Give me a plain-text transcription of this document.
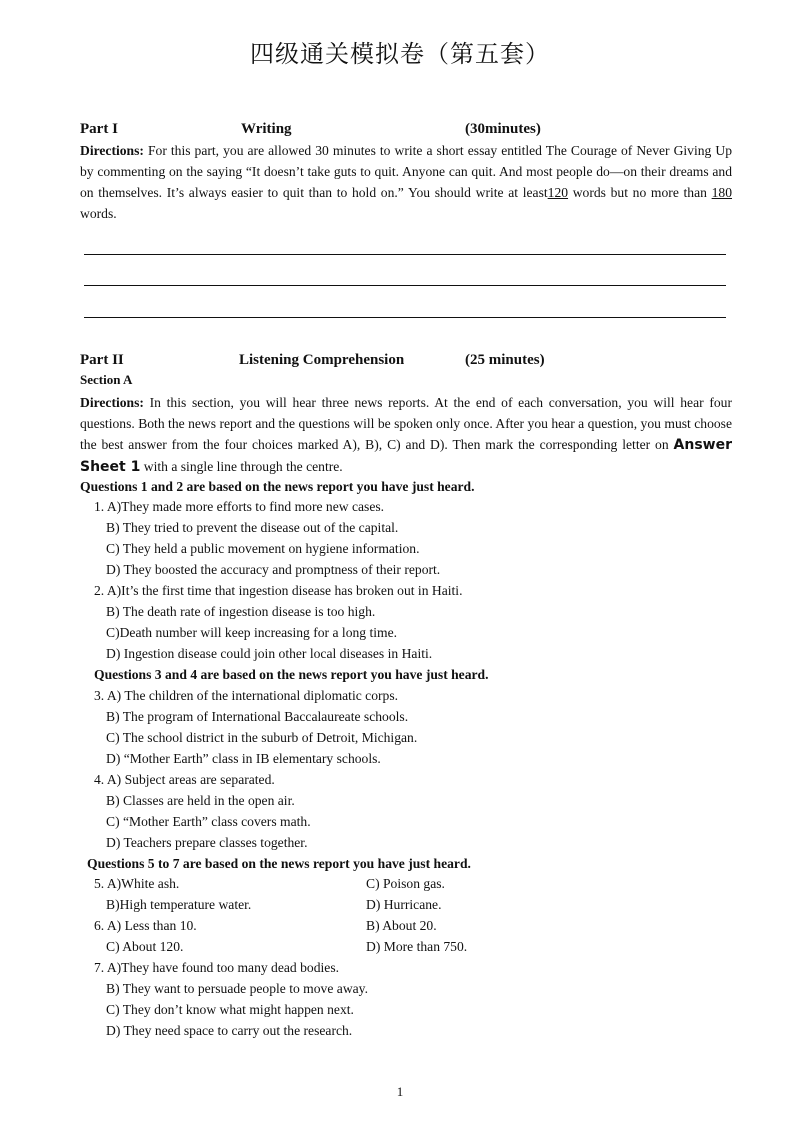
四级通关模拟卷（第五套）
Part I	Writing	(30minutes)
Directions: For this part, you are allowed 30 minutes to write a short essay entitled The Courage of Never Giving Up by commenting on the saying “It doesn’t take guts to quit. Anyone can quit. And most people do—on their dreams and on themselves. It’s always easier to quit than to hold on.” You should write at least120 words but no more than 180 words.
Part II	Listening Comprehension	(25 minutes)
Section A
Directions: In this section, you will hear three news reports. At the end of each conversation, you will hear four questions. Both the news report and the questions will be spoken only once. After you hear a question, you must choose the best answer from the four choices marked A), B), C) and D). Then mark the corresponding letter on Answer Sheet 1 with a single line through the centre.
Questions 1 and 2 are based on the news report you have just heard.
1. A)They made more efforts to find more new cases.
B) They tried to prevent the disease out of the capital.
C) They held a public movement on hygiene information.
D) They boosted the accuracy and promptness of their report.
2. A)It’s the first time that ingestion disease has broken out in Haiti.
B) The death rate of ingestion disease is too high.
C)Death number will keep increasing for a long time.
D) Ingestion disease could join other local diseases in Haiti.
Questions 3 and 4 are based on the news report you have just heard.
3. A) The children of the international diplomatic corps.
B) The program of International Baccalaureate schools.
C) The school district in the suburb of Detroit, Michigan.
D) “Mother Earth” class in IB elementary schools.
4. A) Subject areas are separated.
B) Classes are held in the open air.
C) “Mother Earth” class covers math.
D) Teachers prepare classes together.
Questions 5 to 7 are based on the news report you have just heard.
5. A)White ash.	C) Poison gas.
B)High temperature water.	D) Hurricane.
6. A) Less than 10.	B) About 20.
C) About 120.	D) More than 750.
7. A)They have found too many dead bodies.
B) They want to persuade people to move away.
C) They don’t know what might happen next.
D) They need space to carry out the research.
1
